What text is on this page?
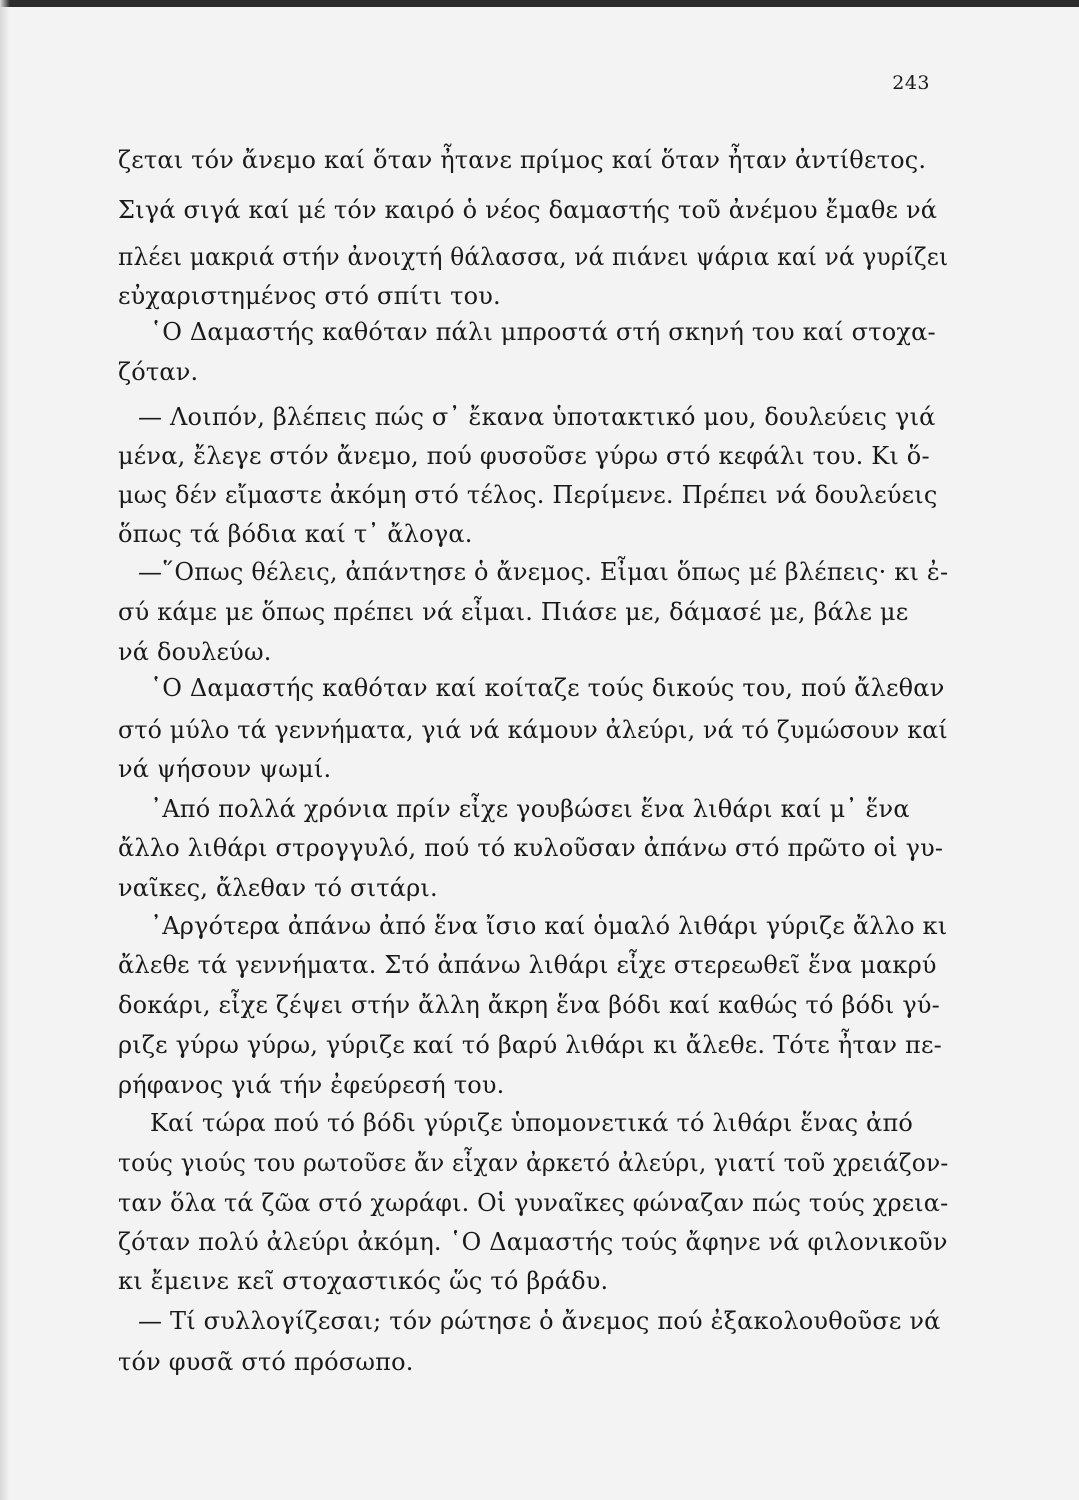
243
ζεται τόν ἄνεμο καί ὅταν ἦτανε πρίμος καί ὅταν ἦταν ἀντίθετος.
Σιγά σιγά καί μέ τόν καιρό ὁ νέος δαμαστής τοῦ ἀνέμου ἔμαθε νά
πλέει μακριά στήν ἀνοιχτή θάλασσα, νά πιάνει ψάρια καί νά γυρίζει
εὐχαριστημένος στό σπίτι του.
῾Ο Δαμαστής καθόταν πάλι μπροστά στή σκηνή του καί στοχα-
ζόταν.
— Λοιπόν, βλέπεις πώς σ᾽ ἔκανα ὑποτακτικό μου, δουλεύεις γιά
μένα, ἔλεγε στόν ἄνεμο, πού φυσοῦσε γύρω στό κεφάλι του. Κι ὅ-
μως δέν εἴμαστε ἀκόμη στό τέλος. Περίμενε. Πρέπει νά δουλεύεις
ὅπως τά βόδια καί τ᾽ ἄλογα.
—῞Οπως θέλεις, ἀπάντησε ὁ ἄνεμος. Εἶμαι ὅπως μέ βλέπεις· κι ἐ-
σύ κάμε με ὅπως πρέπει νά εἶμαι. Πιάσε με, δάμασέ με, βάλε με
νά δουλεύω.
῾Ο Δαμαστής καθόταν καί κοίταζε τούς δικούς του, πού ἄλεθαν
στό μύλο τά γεννήματα, γιά νά κάμουν ἀλεύρι, νά τό ζυμώσουν καί
νά ψήσουν ψωμί.
᾽Από πολλά χρόνια πρίν εἶχε γουβώσει ἕνα λιθάρι καί μ᾽ ἕνα
ἄλλο λιθάρι στρογγυλό, πού τό κυλοῦσαν ἀπάνω στό πρῶτο οἱ γυ-
ναῖκες, ἄλεθαν τό σιτάρι.
᾽Αργότερα ἀπάνω ἀπό ἕνα ἴσιο καί ὁμαλό λιθάρι γύριζε ἄλλο κι
ἄλεθε τά γεννήματα. Στό ἀπάνω λιθάρι εἶχε στερεωθεῖ ἕνα μακρύ
δοκάρι, εἶχε ζέψει στήν ἄλλη ἄκρη ἕνα βόδι καί καθώς τό βόδι γύ-
ριζε γύρω γύρω, γύριζε καί τό βαρύ λιθάρι κι ἄλεθε. Τότε ἦταν πε-
ρήφανος γιά τήν ἐφεύρεσή του.
Καί τώρα πού τό βόδι γύριζε ὑπομονετικά τό λιθάρι ἕνας ἀπό
τούς γιούς του ρωτοῦσε ἄν εἶχαν ἀρκετό ἀλεύρι, γιατί τοῦ χρειάζον-
ταν ὅλα τά ζῶα στό χωράφι. Οἱ γυναῖκες φώναζαν πώς τούς χρεια-
ζόταν πολύ ἀλεύρι ἀκόμη. ῾Ο Δαμαστής τούς ἄφηνε νά φιλονικοῦν
κι ἔμεινε κεῖ στοχαστικός ὥς τό βράδυ.
— Τί συλλογίζεσαι; τόν ρώτησε ὁ ἄνεμος πού ἐξακολουθοῦσε νά
τόν φυσᾶ στό πρόσωπο.
